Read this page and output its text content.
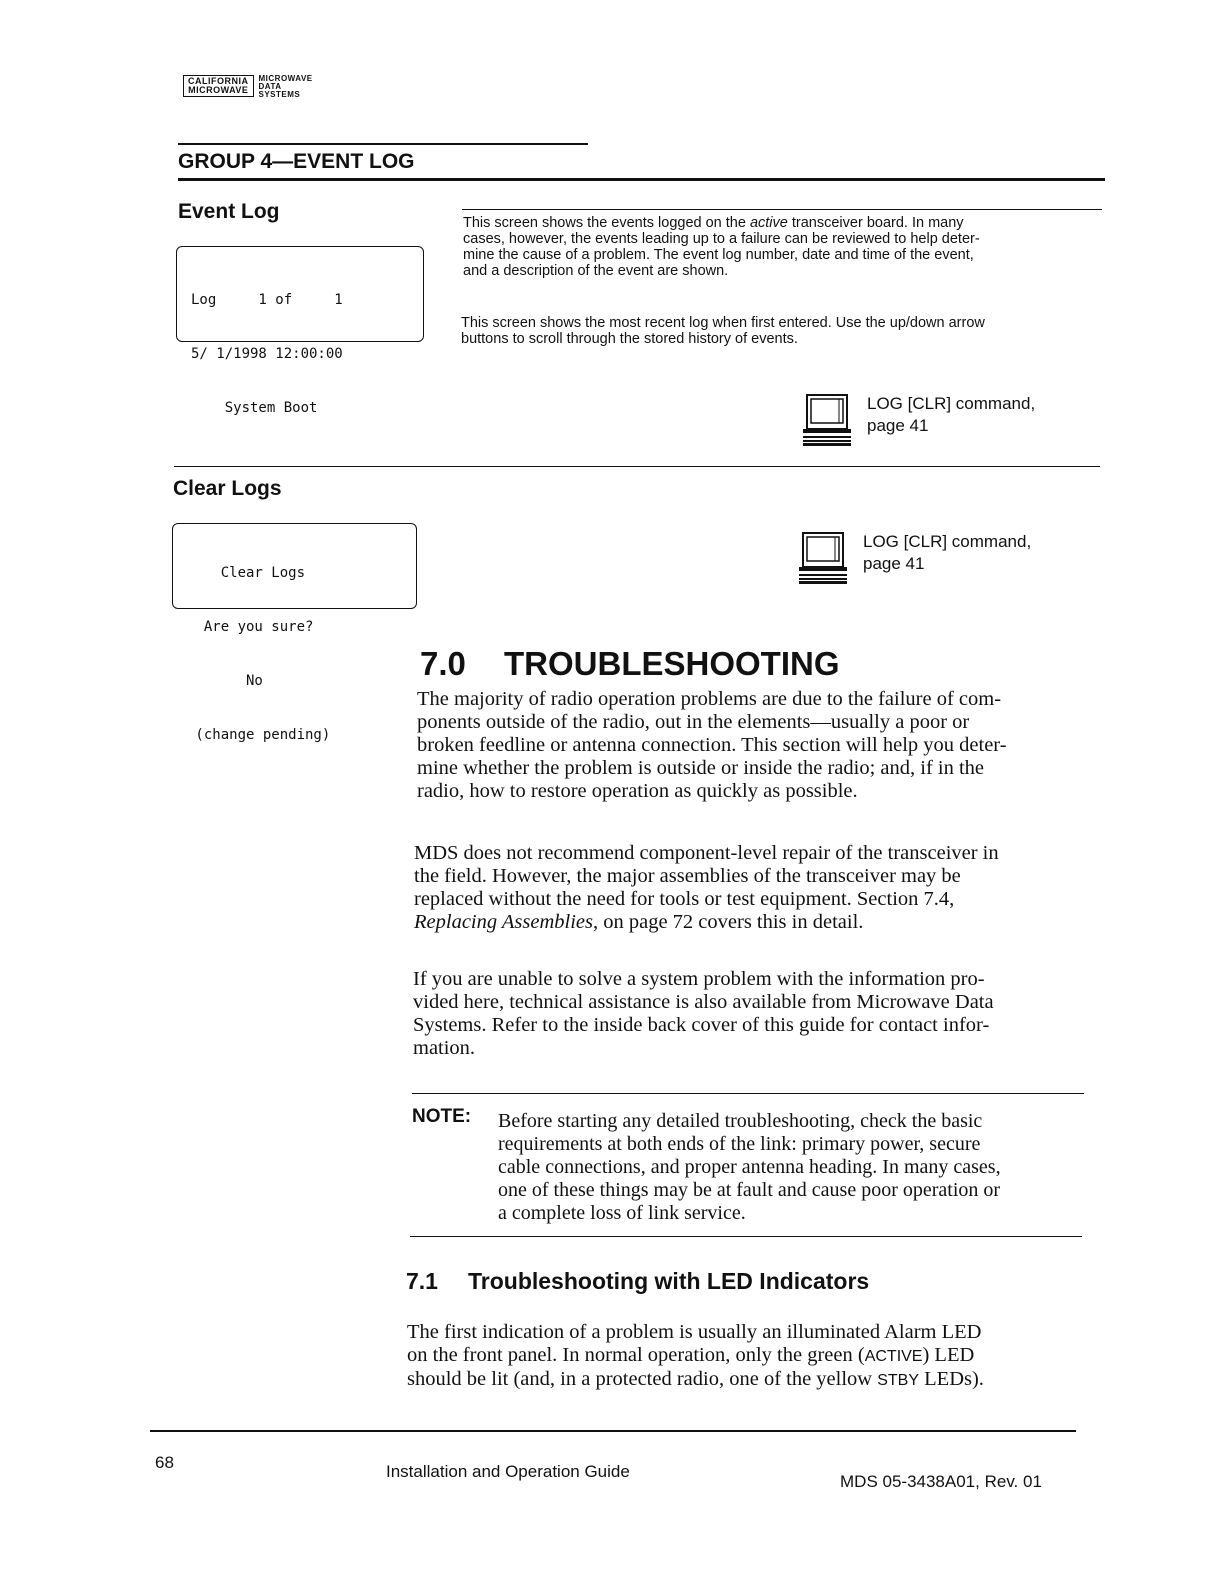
CALIFORNIA
MICROWAVE
MICROWAVE
DATA
SYSTEMS
GROUP 4—EVENT LOG
Event Log

Log     1 of     1

5/ 1/1998 12:00:00

System Boot

This screen shows the events logged on the active transceiver board. In many
cases, however, the events leading up to a failure can be reviewed to help deter-
mine the cause of a problem. The event log number, date and time of the event,
and a description of the event are shown.
This screen shows the most recent log when first entered. Use the up/down arrow
buttons to scroll through the stored history of events.
LOG [CLR] command,
page 41
Clear Logs

Clear Logs

Are you sure?

No

(change pending)

LOG [CLR] command,
page 41
7.0 TROUBLESHOOTING
The majority of radio operation problems are due to the failure of com-
ponents outside of the radio, out in the elements—usually a poor or
broken feedline or antenna connection. This section will help you deter-
mine whether the problem is outside or inside the radio; and, if in the
radio, how to restore operation as quickly as possible.
MDS does not recommend component-level repair of the transceiver in
the field. However, the major assemblies of the transceiver may be
replaced without the need for tools or test equipment. Section 7.4,
Replacing Assemblies, on page 72 covers this in detail.
If you are unable to solve a system problem with the information pro-
vided here, technical assistance is also available from Microwave Data
Systems. Refer to the inside back cover of this guide for contact infor-
mation.
NOTE: Before starting any detailed troubleshooting, check the basic
requirements at both ends of the link: primary power, secure
cable connections, and proper antenna heading. In many cases,
one of these things may be at fault and cause poor operation or
a complete loss of link service.
7.1 Troubleshooting with LED Indicators
The first indication of a problem is usually an illuminated Alarm LED
on the front panel. In normal operation, only the green (ACTIVE) LED
should be lit (and, in a protected radio, one of the yellow STBY LEDs).
68	Installation and Operation Guide
MDS 05-3438A01, Rev. 01
